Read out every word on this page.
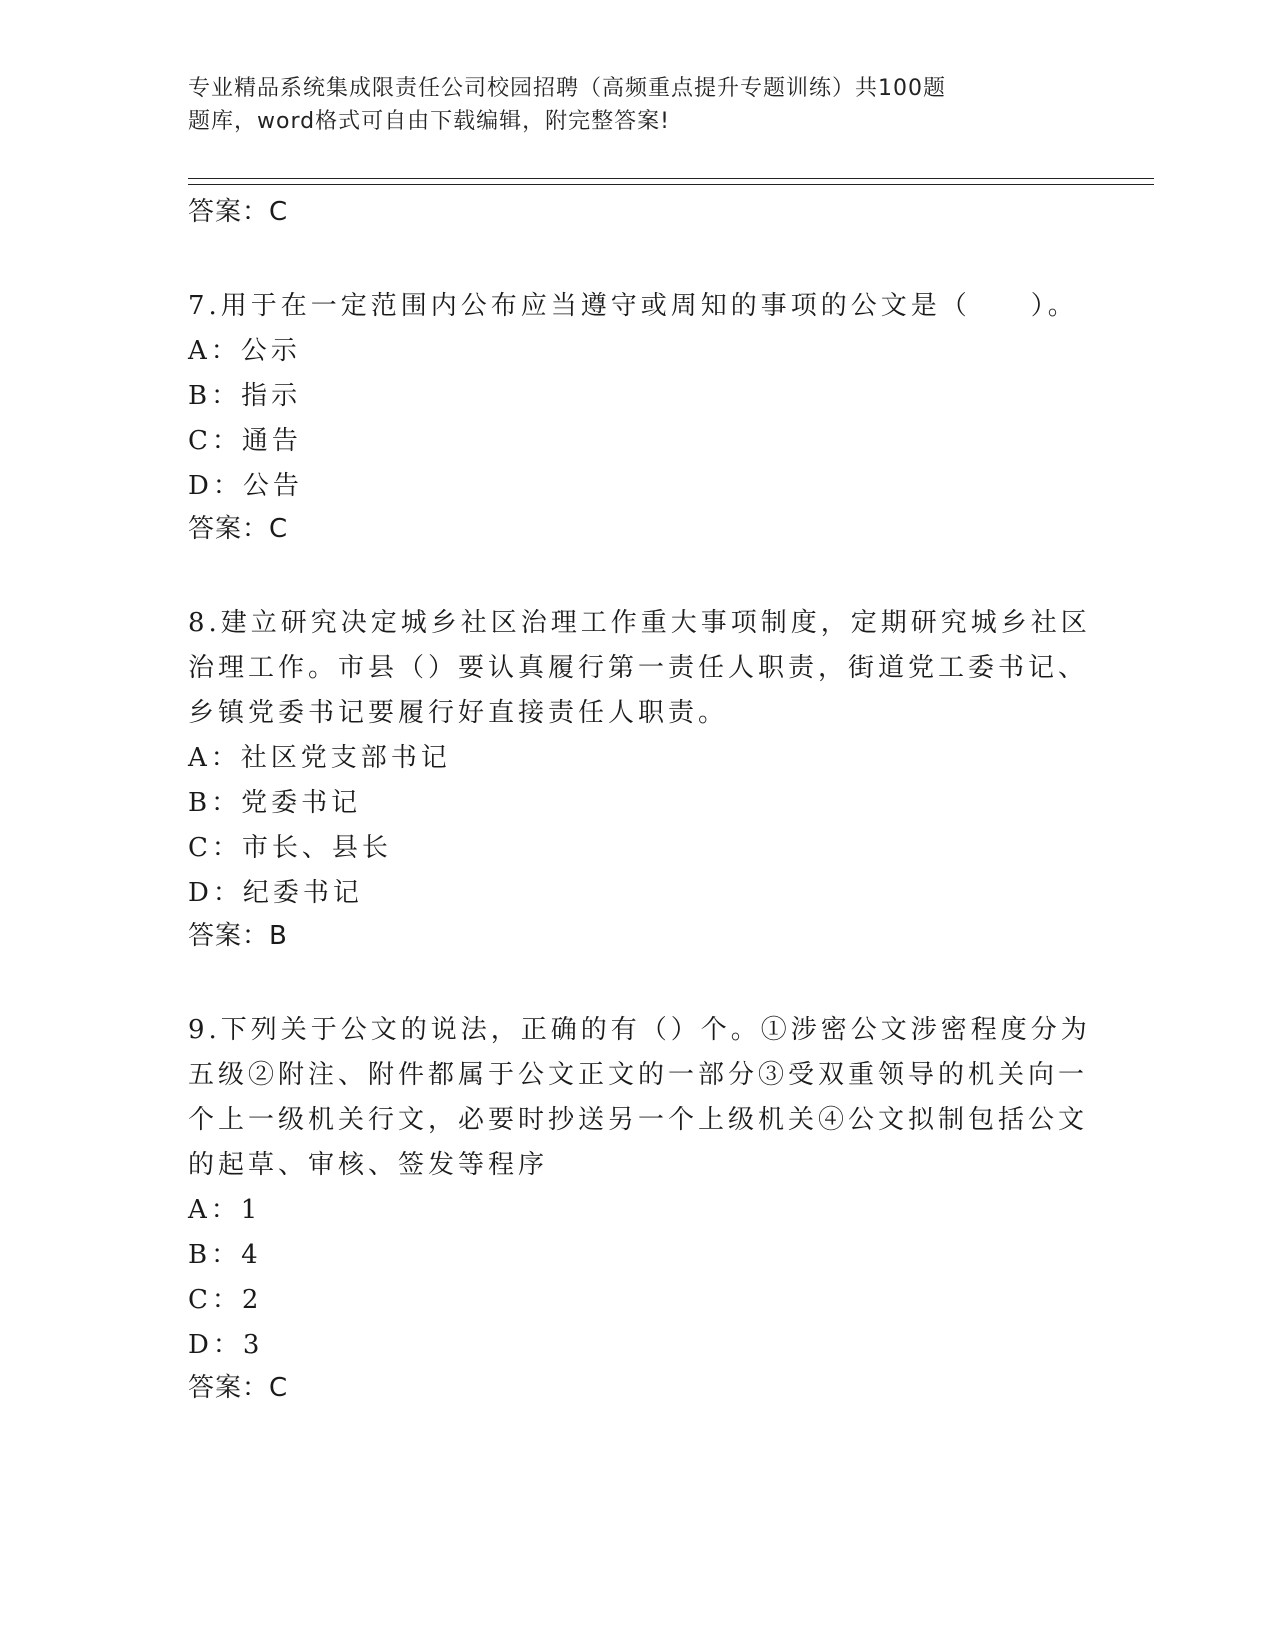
专业精品系统集成限责任公司校园招聘（高频重点提升专题训练）共100题
题库，word格式可自由下载编辑，附完整答案!
答案：C
7.用于在一定范围内公布应当遵守或周知的事项的公文是（　　）。
A：公示
B：指示
C：通告
D：公告
答案：C
8.建立研究决定城乡社区治理工作重大事项制度，定期研究城乡社区
治理工作。市县（）要认真履行第一责任人职责，街道党工委书记、
乡镇党委书记要履行好直接责任人职责。
A：社区党支部书记
B：党委书记
C：市长、县长
D：纪委书记
答案：B
9.下列关于公文的说法，正确的有（）个。①涉密公文涉密程度分为
五级②附注、附件都属于公文正文的一部分③受双重领导的机关向一
个上一级机关行文，必要时抄送另一个上级机关④公文拟制包括公文
的起草、审核、签发等程序
A：1
B：4
C：2
D：3
答案：C
